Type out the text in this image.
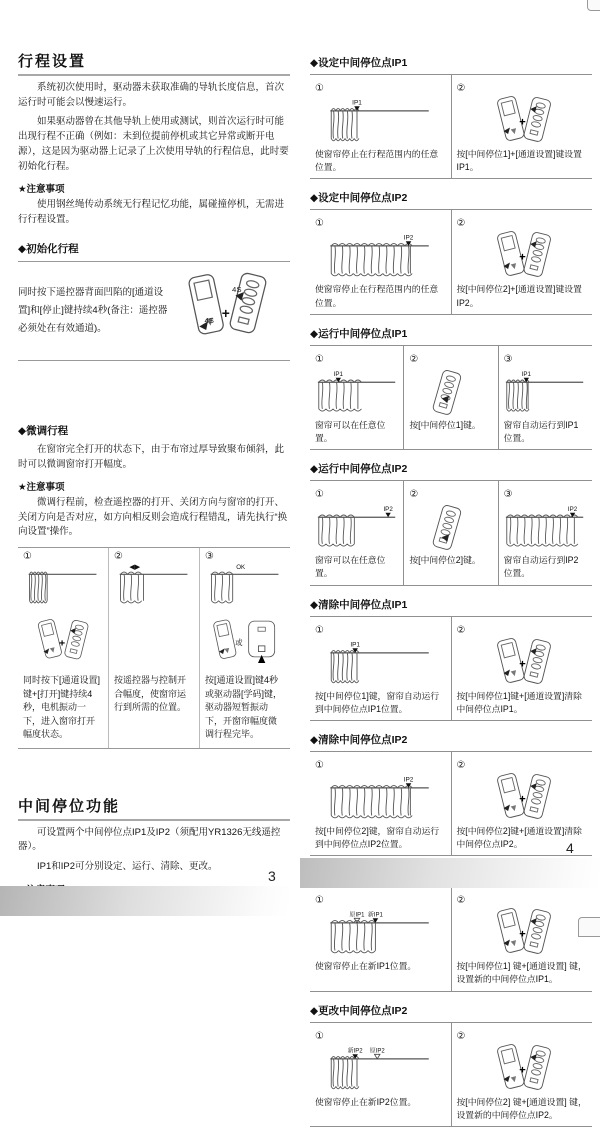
行程设置

系统初次使用时，驱动器未获取准确的导轨长度信息，首次运行时可能会以慢速运行。

如果驱动器曾在其他导轨上使用或测试，则首次运行时可能出现行程不正确（例如：未到位提前停机或其它异常或断开电源），这是因为驱动器上记录了上次使用导轨的行程信息，此时要初始化行程。

★注意事项

使用钢丝绳传动系统无行程记忆功能，属碰撞停机，无需进行行程设置。

◆初始化行程
同时按下遥控器背面凹陷的[通道设置]和[停止]键持续4秒(备注：遥控器必须处在有效通道)。
4S +
4S
◆微调行程

在窗帘完全打开的状态下，由于布帘过厚导致聚布倾斜，此时可以微调窗帘打开幅度。

★注意事项

微调行程前，检查遥控器的打开、关闭方向与窗帘的打开、关闭方向是否对应，如方向相反则会造成行程错乱，请先执行“换向设置”操作。

①
+
同时按下[通道设置]键+[打开]键持续4秒，电机振动一下，进入窗帘打开幅度状态。
②
◀▶
按遥控器与控制开合幅度，使窗帘运行到所需的位置。
③
OK
或
按[通道设置]键4秒或驱动器[学码]键，驱动器短暂振动下，开窗帘幅度微调行程完毕。
中间停位功能

可设置两个中间停位点IP1及IP2（须配用YR1326无线遥控器）。

IP1和IP2可分别设定、运行、清除、更改。

◆设定中间停位点IP1
①
IP1
使窗帘停止在行程范围内的任意位置。
②
+
按[中间停位1]+[通道设置]键设置IP1。
◆设定中间停位点IP2
①
IP2
使窗帘停止在行程范围内的任意位置。
②
+
按[中间停位2]+[通道设置]键设置IP2。
◆运行中间停位点IP1
①
IP1
窗帘可以在任意位置。
②
按[中间停位1]键。
③
IP1
窗帘自动运行到IP1位置。
◆运行中间停位点IP2
①
IP2
窗帘可以在任意位置。
②
按[中间停位2]键。
③
IP2
窗帘自动运行到IP2位置。
◆清除中间停位点IP1
①
IP1
按[中间停位1]键，窗帘自动运行到中间停位点IP1位置。
②
+
按[中间停位1]键+[通道设置]清除中间停位点IP1。
◆清除中间停位点IP2
①
IP2
按[中间停位2]键，窗帘自动运行到中间停位点IP2位置。
②
+
按[中间停位2]键+[通道设置]清除中间停位点IP2。
①
原IP1 新IP1
使窗帘停止在新IP1位置。
②
+
按[中间停位1] 键+[通道设置] 键，设置新的中间停位点IP1。
◆更改中间停位点IP2
①
新IP2 原IP2
使窗帘停止在新IP2位置。
②
+
按[中间停位2] 键+[通道设置] 键，设置新的中间停位点IP2。
3
4
